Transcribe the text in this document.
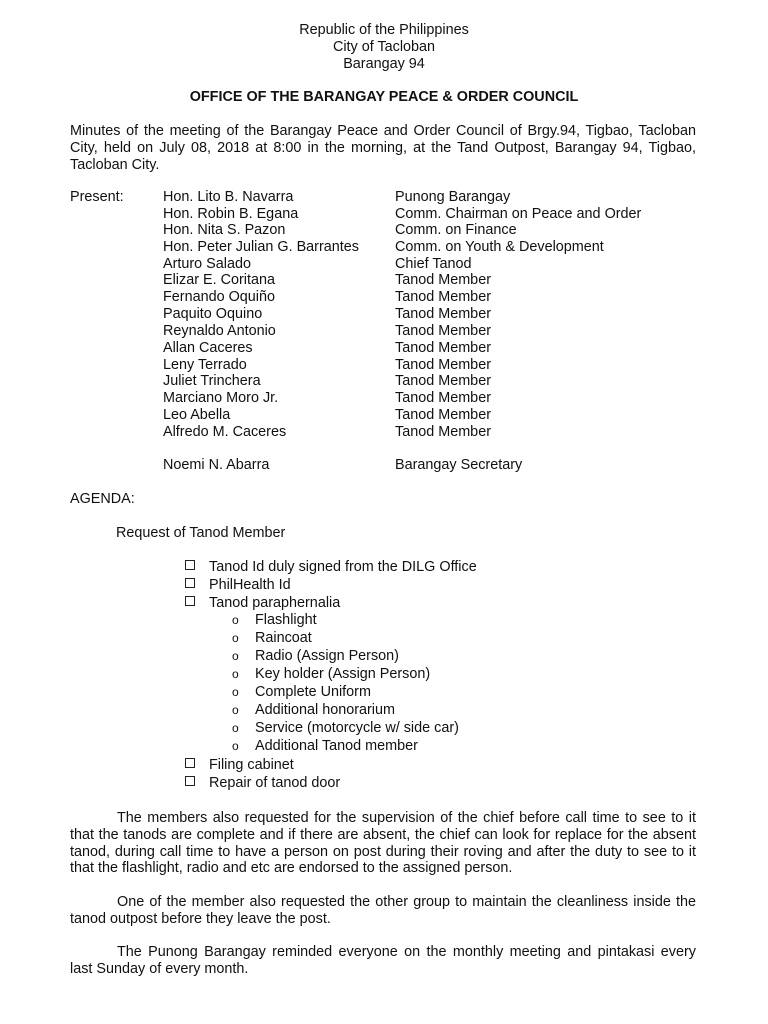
Republic of the Philippines
City of Tacloban
Barangay 94
OFFICE OF THE BARANGAY PEACE & ORDER COUNCIL
Minutes of the meeting of the Barangay Peace and Order Council of Brgy.94, Tigbao, Tacloban City, held on July 08, 2018 at 8:00 in the morning, at the Tand Outpost, Barangay 94, Tigbao, Tacloban City.
Present:	Hon. Lito B. Navarra	Punong Barangay
Hon. Robin B. Egana	Comm. Chairman on Peace and Order
Hon. Nita S. Pazon	Comm. on Finance
Hon. Peter Julian G. Barrantes	Comm. on Youth & Development
Arturo Salado	Chief Tanod
Elizar E. Coritana	Tanod Member
Fernando Oquiño	Tanod Member
Paquito Oquino	Tanod Member
Reynaldo Antonio	Tanod Member
Allan Caceres	Tanod Member
Leny Terrado	Tanod Member
Juliet Trinchera	Tanod Member
Marciano Moro Jr.	Tanod Member
Leo Abella	Tanod Member
Alfredo M. Caceres	Tanod Member
Noemi N. Abarra	Barangay Secretary
AGENDA:
Request of Tanod Member
Tanod Id duly signed from the DILG Office
PhilHealth Id
Tanod paraphernalia
o Flashlight
o Raincoat
o Radio (Assign Person)
o Key holder (Assign Person)
o Complete Uniform
o Additional honorarium
o Service (motorcycle w/ side car)
o Additional Tanod member
Filing cabinet
Repair of tanod door
The members also requested for the supervision of the chief before call time to see to it that the tanods are complete and if there are absent, the chief can look for replace for the absent tanod, during call time to have a person on post during their roving and after the duty to see to it that the flashlight, radio and etc are endorsed to the assigned person.
One of the member also requested the other group to maintain the cleanliness inside the tanod outpost before they leave the post.
The Punong Barangay reminded everyone on the monthly meeting and pintakasi every last Sunday of every month.
